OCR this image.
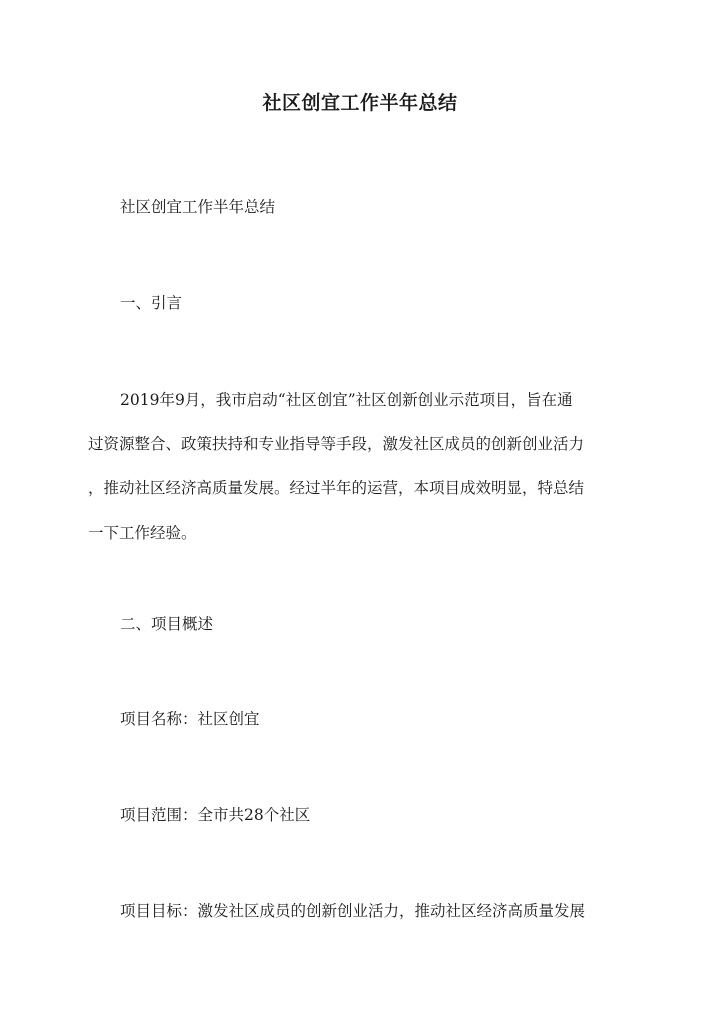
社区创宜工作半年总结
社区创宜工作半年总结
一、引言
2019年9月，我市启动“社区创宜”社区创新创业示范项目，旨在通
过资源整合、政策扶持和专业指导等手段，激发社区成员的创新创业活力
，推动社区经济高质量发展。经过半年的运营，本项目成效明显，特总结
一下工作经验。
二、项目概述
项目名称：社区创宜
项目范围：全市共28个社区
项目目标：激发社区成员的创新创业活力，推动社区经济高质量发展
